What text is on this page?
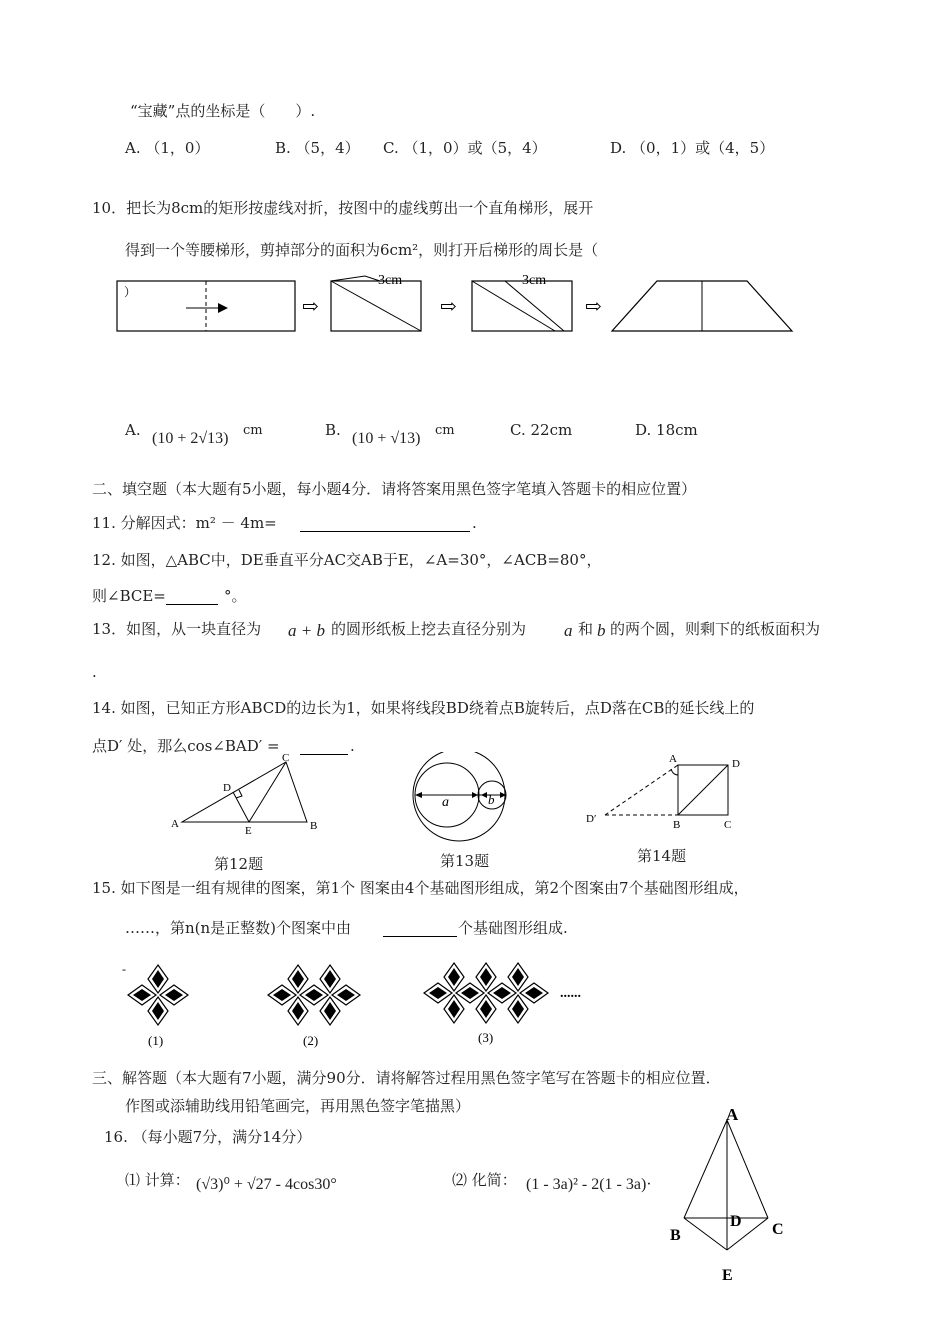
“宝藏”点的坐标是（　　）.
A. （1，0）	B. （5，4） C. （1，0）或（5，4）	D. （0，1）或（4，5）
10．把长为8cm的矩形按虚线对折，按图中的虚线剪出一个直角梯形，展开
得到一个等腰梯形，剪掉部分的面积为6cm²，则打开后梯形的周长是（
）
⇨
3cm
⇨
3cm
⇨
A. (10 + 2√13) cm	B. (10 + √13) cm	C. 22cm	D. 18cm
二、填空题（本大题有5小题，每小题4分．请将答案用黑色签字笔填入答题卡的相应位置）
11. 分解因式：m² － 4m=	.
12. 如图，△ABC中，DE垂直平分AC交AB于E，∠A=30°，∠ACB=80°，
则∠BCE=	°。
13．如图，从一块直径为 a + b 的圆形纸板上挖去直径分别为 a 和 b 的两个圆，则剩下的纸板面积为
.
14. 如图，已知正方形ABCD的边长为1，如果将线段BD绕着点B旋转后，点D落在CB的延长线上的
点D′ 处，那么cos∠BAD′ =	.
C
D
A
E	B
第12题
a	b
第13题
A	D
D′	B	C
第14题
15. 如下图是一组有规律的图案，第1个 图案由4个基础图形组成，第2个图案由7个基础图形组成，
……，第n(n是正整数)个图案中由	个基础图形组成.
-
(1)	(2)	(3)
......
三、解答题（本大题有7小题，满分90分．请将解答过程用黑色签字笔写在答题卡的相应位置．
作图或添辅助线用铅笔画完，再用黑色签字笔描黑）
16. （每小题7分，满分14分）
⑴ 计算： (√3)⁰ + √27 - 4cos30°	⑵ 化简： (1 - 3a)² - 2(1 - 3a)·
A
B
D C
E
